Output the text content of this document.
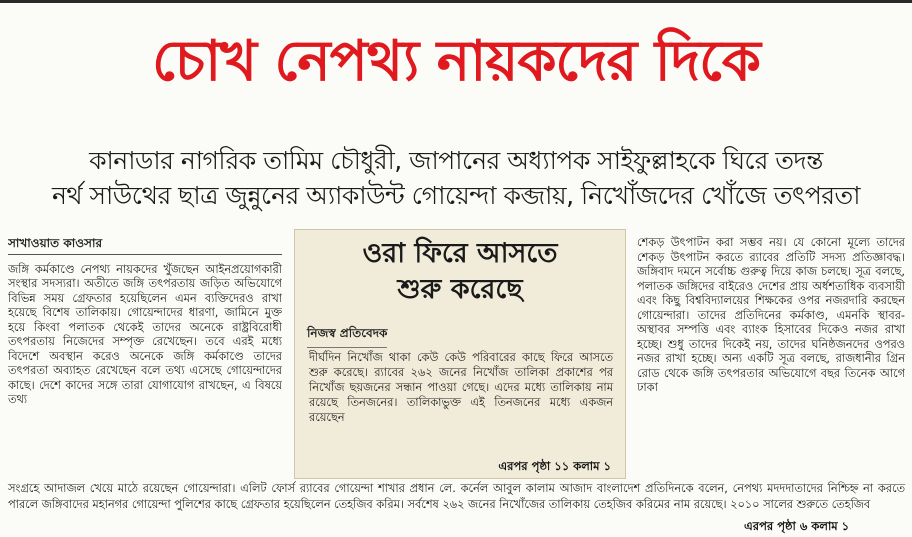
চোখ নেপথ্য নায়কদের দিকে
কানাডার নাগরিক তামিম চৌধুরী, জাপানের অধ্যাপক সাইফুল্লাহকে ঘিরে তদন্ত
নর্থ সাউথের ছাত্র জুন্নুনের অ্যাকাউন্ট গোয়েন্দা কব্জায়, নিখোঁজদের খোঁজে তৎপরতা
সাখাওয়াত কাওসার

জঙ্গি কর্মকাণ্ডে নেপথ্য নায়কদের খুঁজছেন আইনপ্রয়োগকারী সংস্থার সদস্যরা। অতীতে জঙ্গি তৎপরতায় জড়িত অভিযোগে বিভিন্ন সময় গ্রেফতার হয়েছিলেন এমন ব্যক্তিদেরও রাখা হয়েছে বিশেষ তালিকায়। গোয়েন্দাদের ধারণা, জামিনে মুক্ত হয়ে কিংবা পলাতক থেকেই তাদের অনেকে রাষ্ট্রবিরোধী তৎপরতায় নিজেদের সম্পৃক্ত রেখেছেন। তবে এরই মধ্যে বিদেশে অবস্থান করেও অনেকে জঙ্গি কর্মকাণ্ডে তাদের তৎপরতা অব্যাহত রেখেছেন বলে তথ্য এসেছে গোয়েন্দাদের কাছে। দেশে কাদের সঙ্গে তারা যোগাযোগ রাখছেন, এ বিষয়ে তথ্য

ওরা ফিরে আসতে
শুরু করেছে
নিজস্ব প্রতিবেদক

দীর্ঘদিন নিখোঁজ থাকা কেউ কেউ পরিবারের কাছে ফিরে আসতে শুরু করেছে। র‍্যাবের ২৬২ জনের নিখোঁজ তালিকা প্রকাশের পর নিখোঁজ ছয়জনের সন্ধান পাওয়া গেছে। এদের মধ্যে তালিকায় নাম রয়েছে তিনজনের। তালিকাভুক্ত এই তিনজনের মধ্যে একজন রয়েছেন

এরপর পৃষ্ঠা ১১ কলাম ১

শেকড় উৎপাটন করা সম্ভব নয়। যে কোনো মূল্যে তাদের শেকড় উৎপাটন করতে র‍্যাবের প্রতিটি সদস্য প্রতিজ্ঞাবদ্ধ। জঙ্গিবাদ দমনে সর্বোচ্চ গুরুত্ব দিয়ে কাজ চলছে। সূত্র বলছে, পলাতক জঙ্গিদের বাইরেও দেশের প্রায় অর্ধশতাধিক ব্যবসায়ী এবং কিছু বিশ্ববিদ্যালয়ের শিক্ষকের ওপর নজরদারি করছেন গোয়েন্দারা। তাদের প্রতিদিনের কর্মকাণ্ড, এমনকি স্থাবর-অস্থাবর সম্পত্তি এবং ব্যাংক হিসাবের দিকেও নজর রাখা হচ্ছে। শুধু তাদের দিকেই নয়, তাদের ঘনিষ্ঠজনদের ওপরও নজর রাখা হচ্ছে। অন্য একটি সূত্র বলছে, রাজধানীর গ্রিন রোড থেকে জঙ্গি তৎপরতার অভিযোগে বছর তিনেক আগে ঢাকা

সংগ্রহে আদাজল খেয়ে মাঠে রয়েছেন গোয়েন্দারা। এলিট ফোর্স র‍্যাবের গোয়েন্দা শাখার প্রধান লে. কর্নেল আবুল কালাম আজাদ বাংলাদেশ প্রতিদিনকে বলেন, নেপথ্য মদদদাতাদের নিশ্চিহ্ন না করতে পারলে জঙ্গিবাদের মহানগর গোয়েন্দা পুলিশের কাছে গ্রেফতার হয়েছিলেন তেহজিব করিম। সর্বশেষ ২৬২ জনের নিখোঁজের তালিকায় তেহজিব করিমের নাম রয়েছে। ২০১০ সালের শুরুতে তেহজিব

এরপর পৃষ্ঠা ৬ কলাম ১
